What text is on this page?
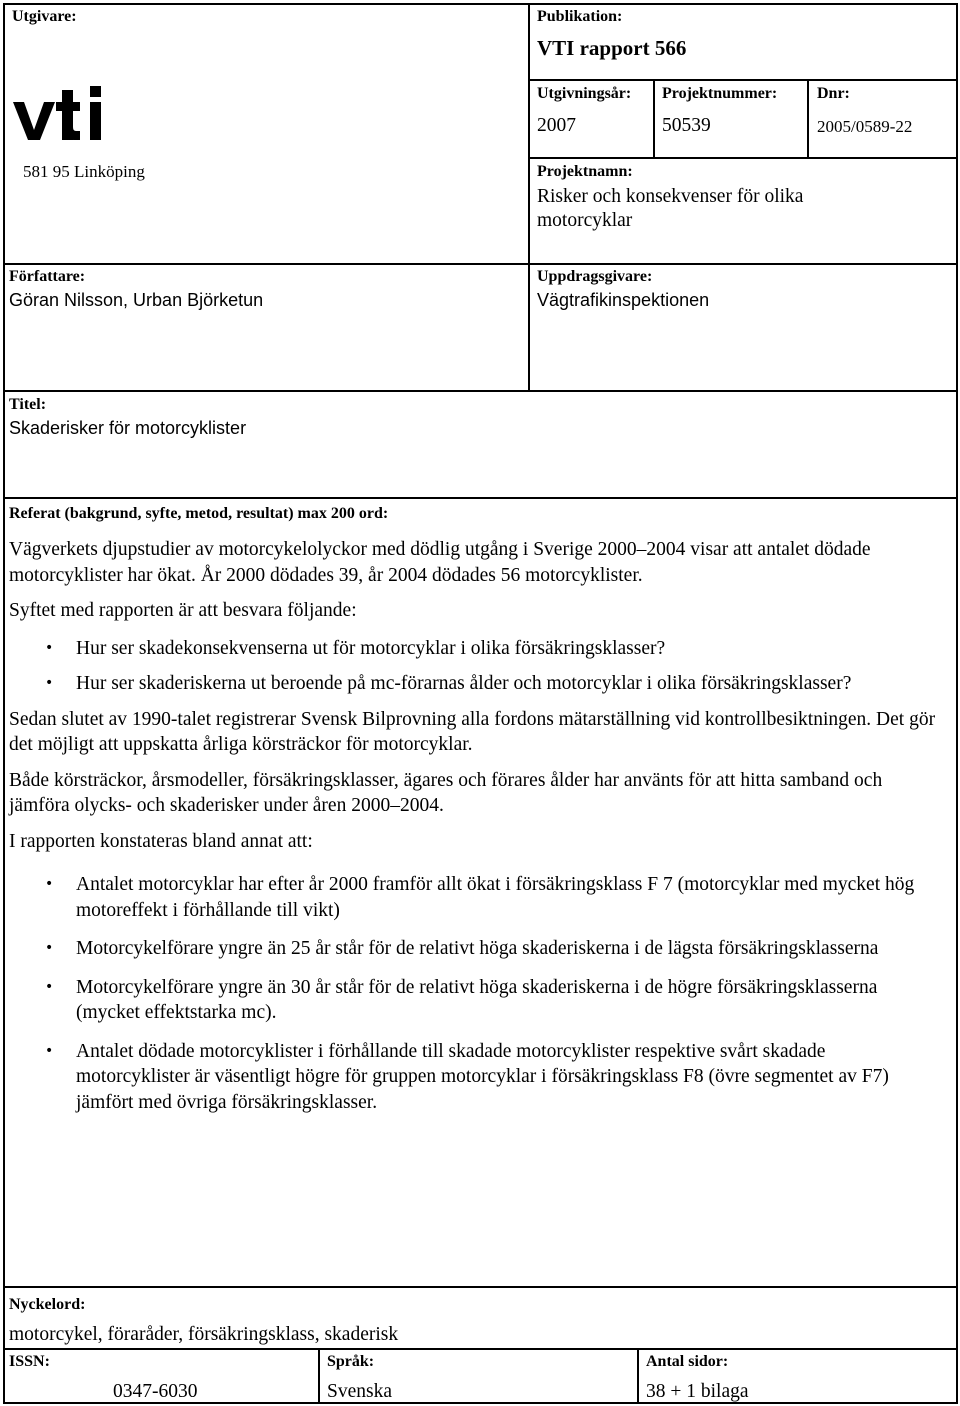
Utgivare:
581 95 Linköping
Publikation:
VTI rapport 566
Utgivningsår:
2007
Projektnummer:
50539
Dnr:
2005/0589-22
Projektnamn:
Risker och konsekvenser för olika motorcyklar
Författare:
Göran Nilsson, Urban Björketun
Uppdragsgivare:
Vägtrafikinspektionen
Titel:
Skaderisker för motorcyklister
Referat (bakgrund, syfte, metod, resultat) max 200 ord:

Vägverkets djupstudier av motorcykelolyckor med dödlig utgång i Sverige 2000–2004 visar att antalet dödade motorcyklister har ökat. År 2000 dödades 39, år 2004 dödades 56 motorcyklister.

Syftet med rapporten är att besvara följande:

• Hur ser skadekonsekvenserna ut för motorcyklar i olika försäkringsklasser?
• Hur ser skaderiskerna ut beroende på mc-förarnas ålder och motorcyklar i olika försäkringsklasser?

Sedan slutet av 1990-talet registrerar Svensk Bilprovning alla fordons mätarställning vid kontrollbesiktningen. Det gör det möjligt att uppskatta årliga körsträckor för motorcyklar.

Både körsträckor, årsmodeller, försäkringsklasser, ägares och förares ålder har använts för att hitta samband och jämföra olycks- och skaderisker under åren 2000–2004.

I rapporten konstateras bland annat att:

• Antalet motorcyklar har efter år 2000 framför allt ökat i försäkringsklass F 7 (motorcyklar med mycket hög motoreffekt i förhållande till vikt)
• Motorcykelförare yngre än 25 år står för de relativt höga skaderiskerna i de lägsta försäkringsklasserna
• Motorcykelförare yngre än 30 år står för de relativt höga skaderiskerna i de högre försäkringsklasserna (mycket effektstarka mc).
• Antalet dödade motorcyklister i förhållande till skadade motorcyklister respektive svårt skadade motorcyklister är väsentligt högre för gruppen motorcyklar i försäkringsklass F8 (övre segmentet av F7) jämfört med övriga försäkringsklasser.
Nyckelord:
motorcykel, föraråder, försäkringsklass, skaderisk
ISSN:
0347-6030
Språk:
Svenska
Antal sidor:
38 + 1 bilaga
